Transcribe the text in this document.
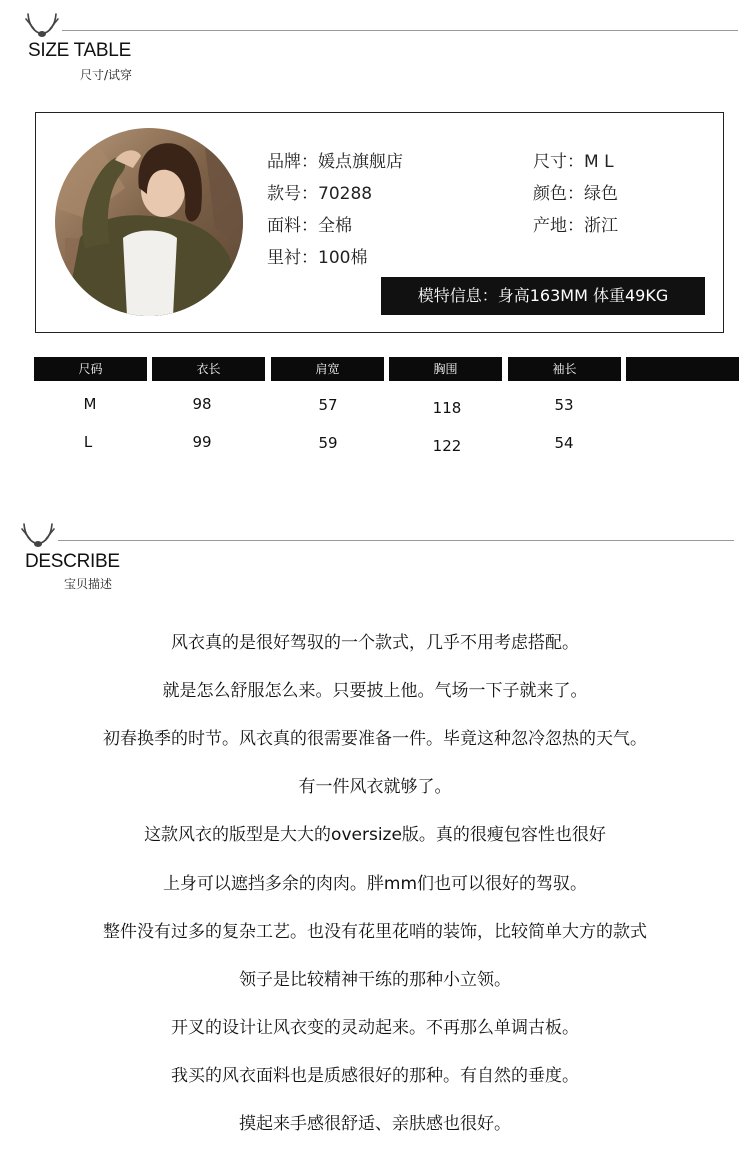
SIZE TABLE
尺寸/试穿
品牌：媛点旗舰店
款号：70288
面料：全棉
里衬：100棉
尺寸：M L
颜色：绿色
产地：浙江
模特信息：身高163MM 体重49KG
尺码	衣长	肩宽	胸围	袖长
M	98	57	118	53
L	99	59	122	54
DESCRIBE
宝贝描述
风衣真的是很好驾驭的一个款式，几乎不用考虑搭配。
就是怎么舒服怎么来。只要披上他。气场一下子就来了。
初春换季的时节。风衣真的很需要准备一件。毕竟这种忽冷忽热的天气。
有一件风衣就够了。
这款风衣的版型是大大的oversize版。真的很瘦包容性也很好
上身可以遮挡多余的肉肉。胖mm们也可以很好的驾驭。
整件没有过多的复杂工艺。也没有花里花哨的装饰，比较简单大方的款式
领子是比较精神干练的那种小立领。
开叉的设计让风衣变的灵动起来。不再那么单调古板。
我买的风衣面料也是质感很好的那种。有自然的垂度。
摸起来手感很舒适、亲肤感也很好。
